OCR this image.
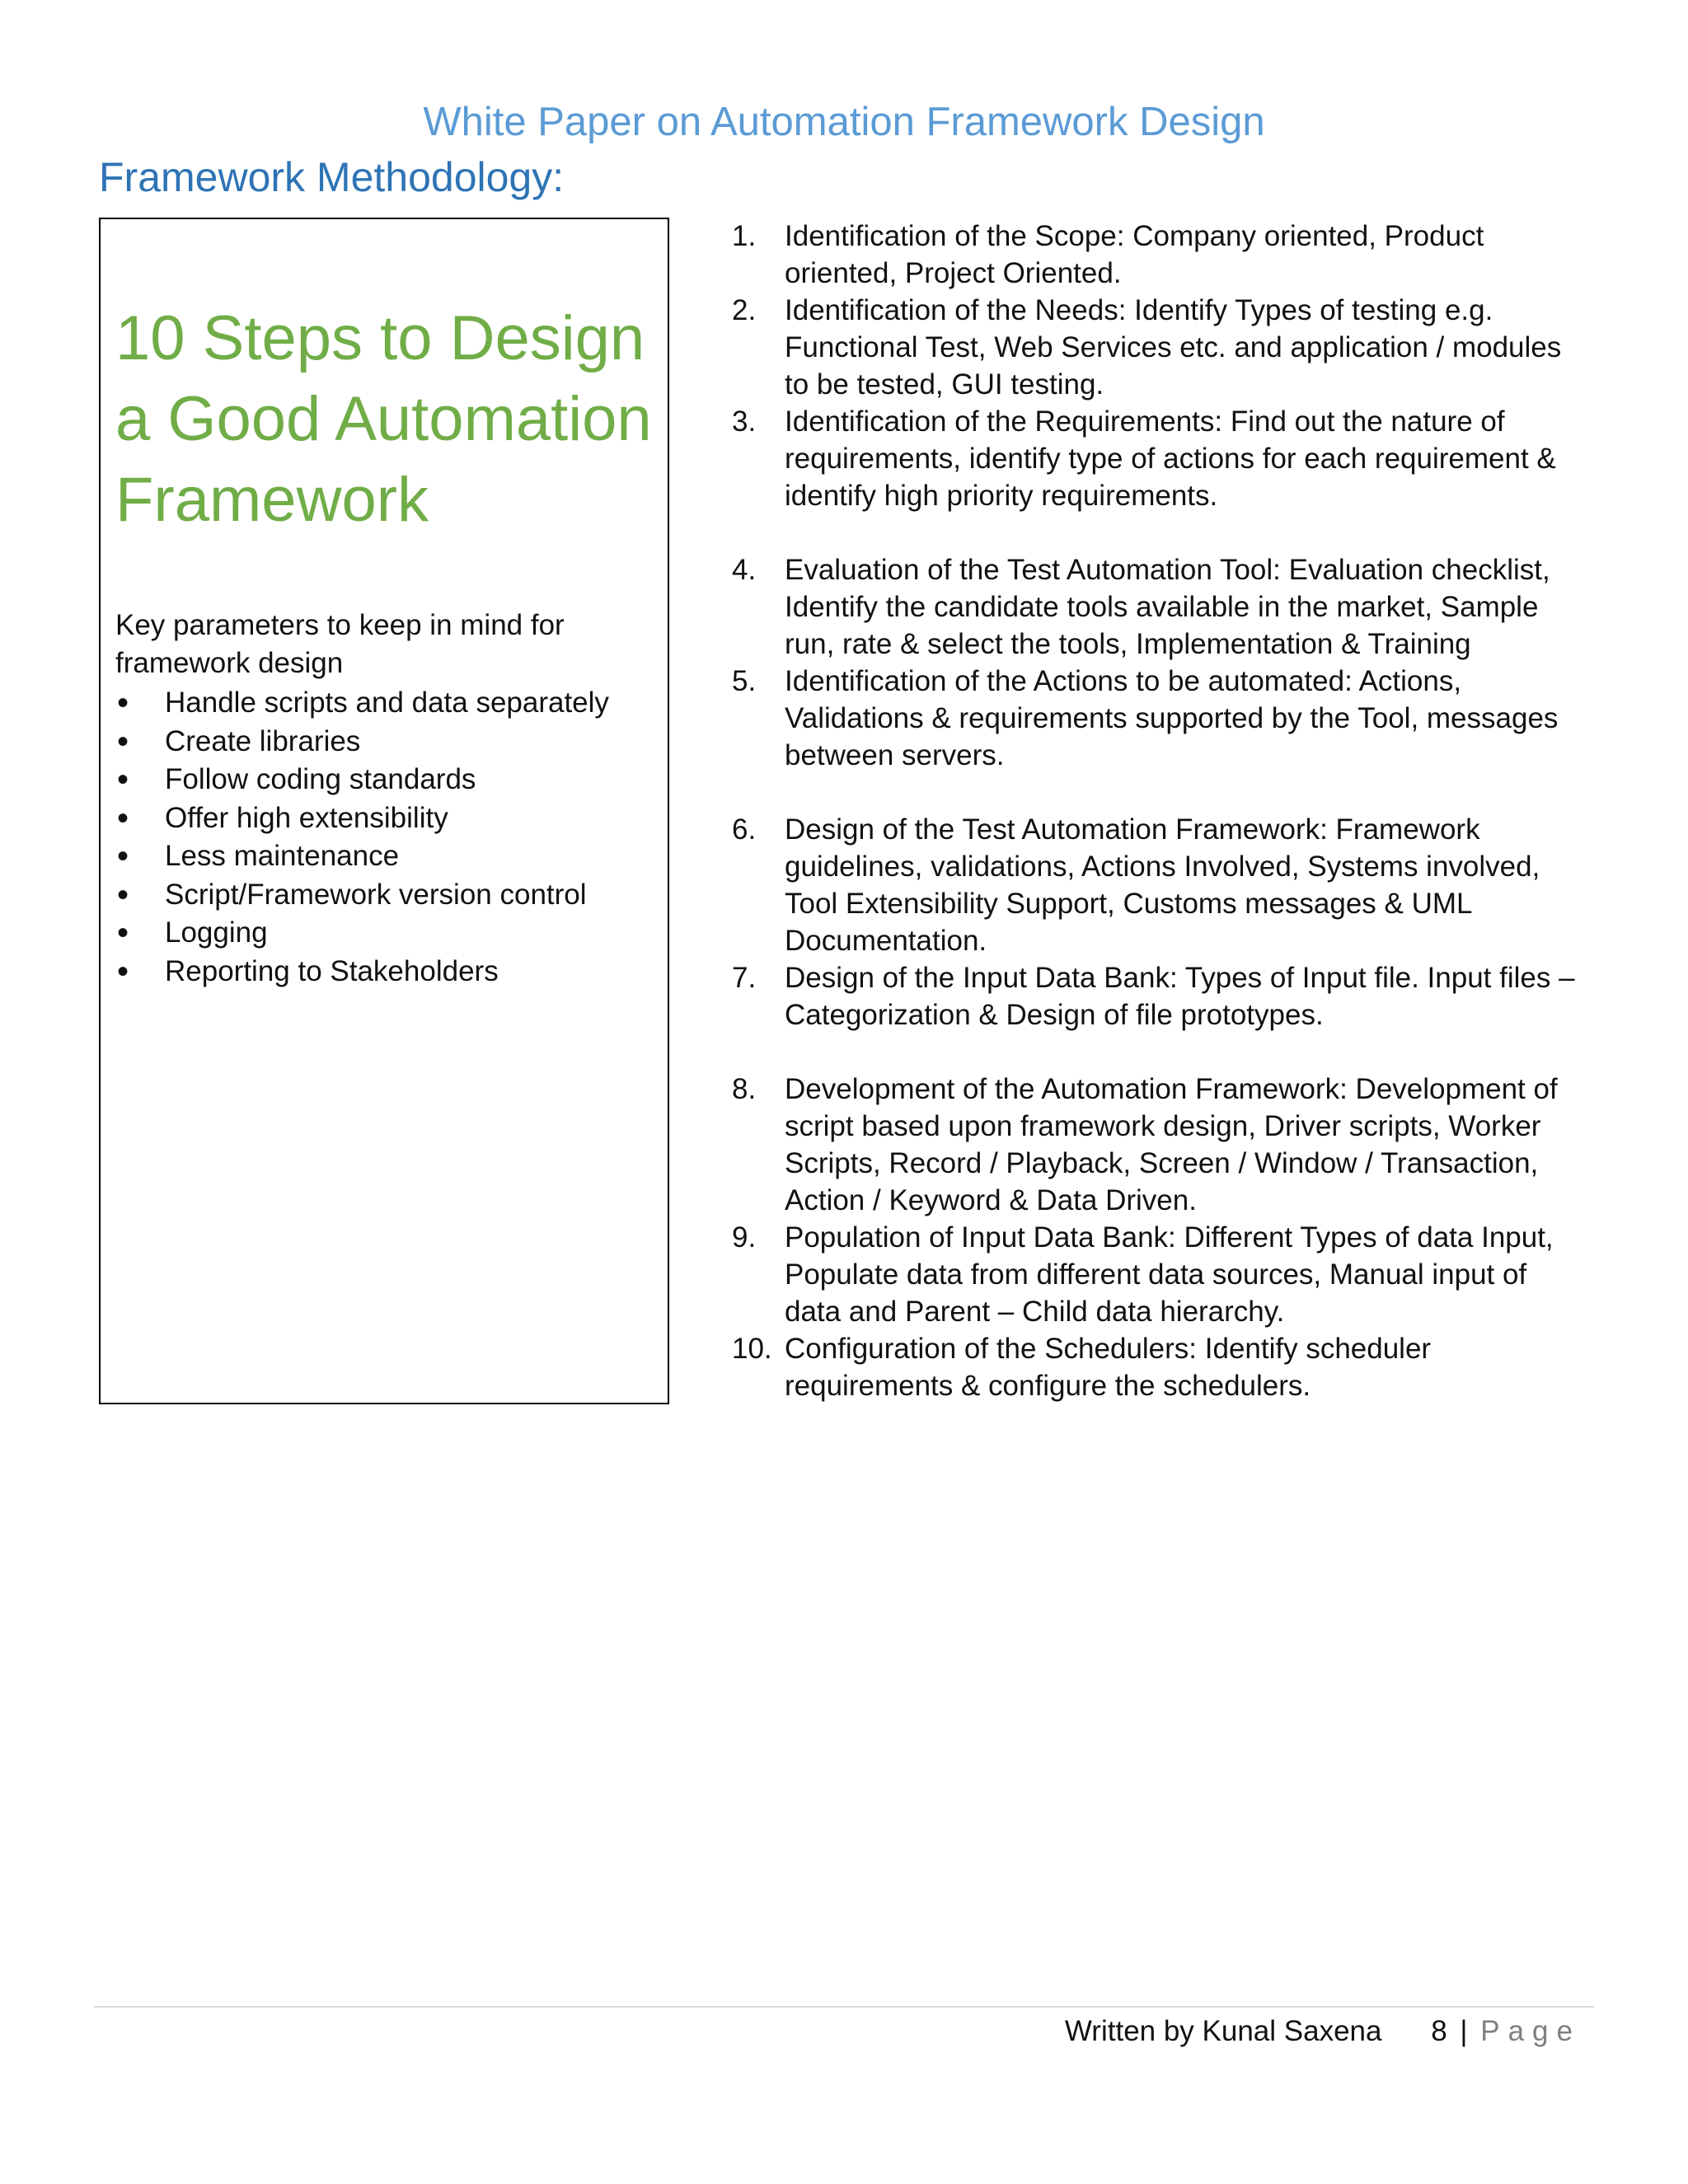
White Paper on Automation Framework Design
Framework Methodology:
10 Steps to Design a Good Automation Framework
Key parameters to keep in mind for framework design
• Handle scripts and data separately
• Create libraries
• Follow coding standards
• Offer high extensibility
• Less maintenance
• Script/Framework version control
• Logging
• Reporting to Stakeholders
1. Identification of the Scope: Company oriented, Product oriented, Project Oriented.
2. Identification of the Needs: Identify Types of testing e.g. Functional Test, Web Services etc. and application / modules to be tested, GUI testing.
3. Identification of the Requirements: Find out the nature of requirements, identify type of actions for each requirement & identify high priority requirements.
4. Evaluation of the Test Automation Tool: Evaluation checklist, Identify the candidate tools available in the market, Sample run, rate & select the tools, Implementation & Training
5. Identification of the Actions to be automated: Actions, Validations & requirements supported by the Tool, messages between servers.
6. Design of the Test Automation Framework: Framework guidelines, validations, Actions Involved, Systems involved, Tool Extensibility Support, Customs messages & UML Documentation.
7. Design of the Input Data Bank: Types of Input file. Input files – Categorization & Design of file prototypes.
8. Development of the Automation Framework: Development of script based upon framework design, Driver scripts, Worker Scripts, Record / Playback, Screen / Window / Transaction, Action / Keyword & Data Driven.
9. Population of Input Data Bank: Different Types of data Input, Populate data from different data sources, Manual input of data and Parent – Child data hierarchy.
10. Configuration of the Schedulers: Identify scheduler requirements & configure the schedulers.
Written by Kunal Saxena 8 | Page
